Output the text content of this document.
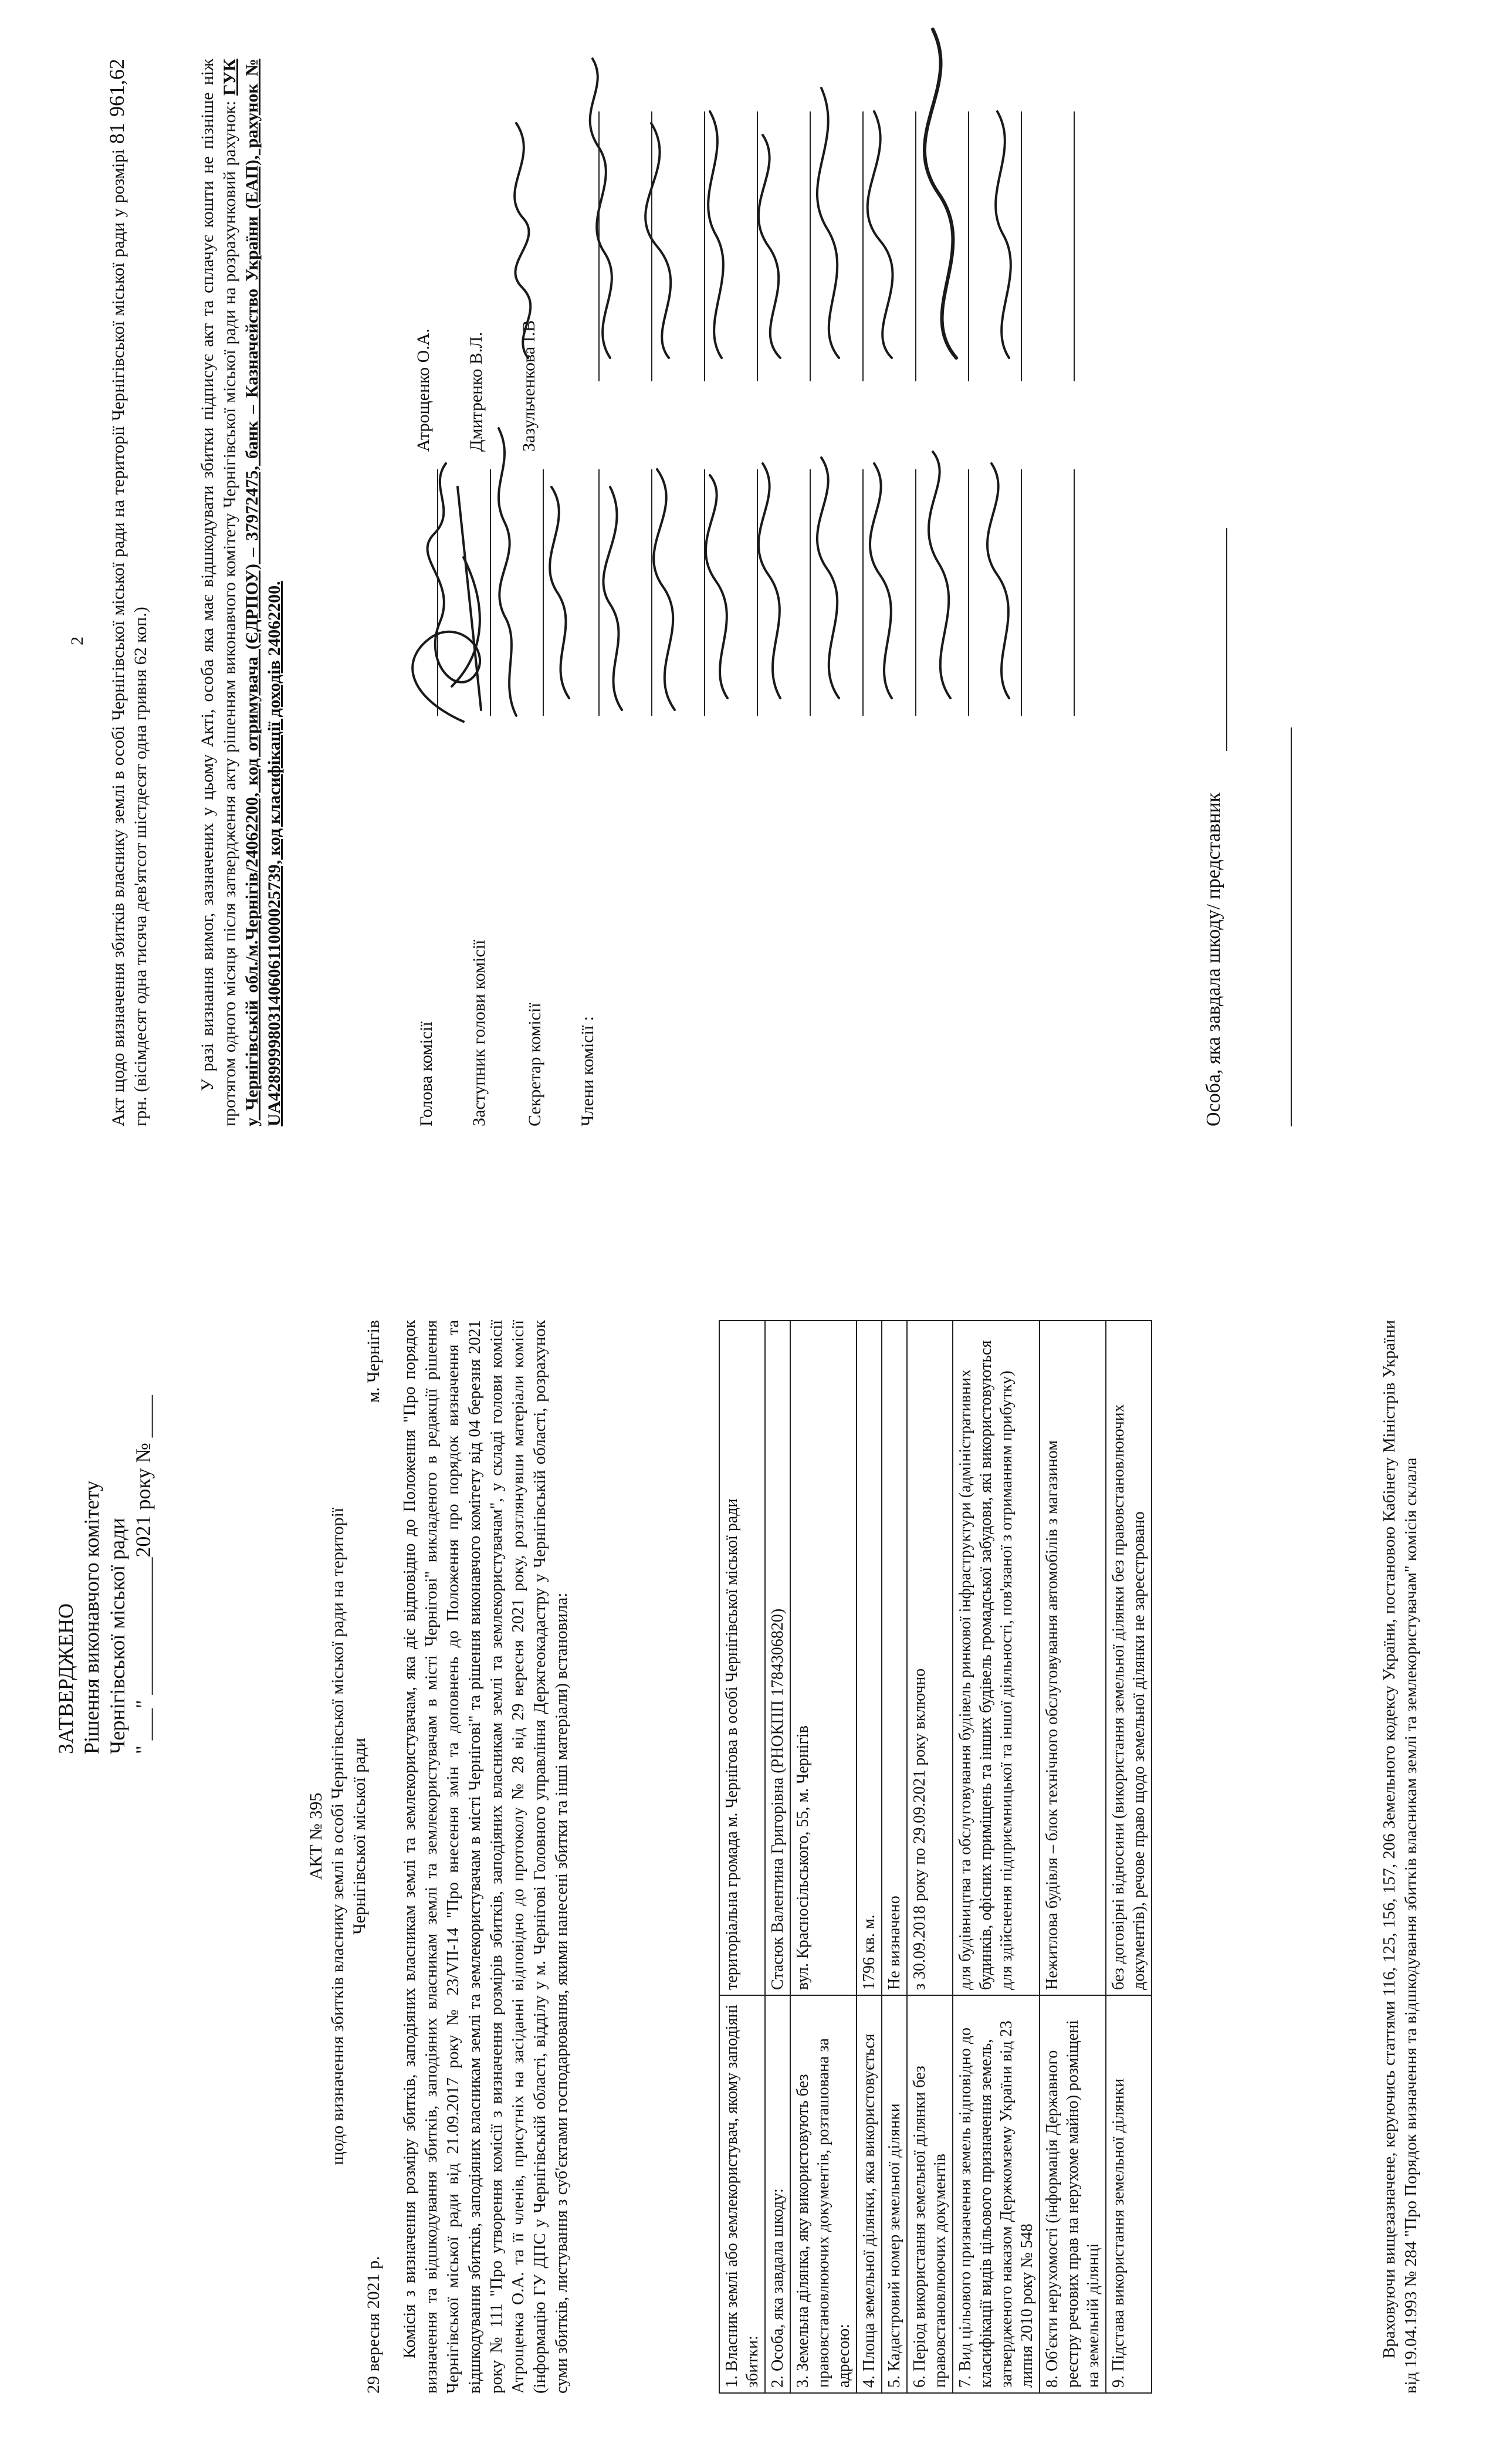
ЗАТВЕРДЖЕНО Рішення виконавчого комітету Чернігівської міської ради " ___" _____________2021 року № ____
АКТ № 395 щодо визначення збитків власнику землі в особі Чернігівської міської ради на території Чернігівської міської ради
29 вересня 2021 р.
м. Чернігів Комісія з визначення розміру збитків, заподіяних власникам землі та землекористувачам, яка діє відповідно до Положення "Про порядок визначення та відшкодування збитків, заподіяних власникам землі та землекористувачам в місті Чернігові" викладеного в редакції рішення Чернігівської міської ради від 21.09.2017 року № 23/VII-14 "Про внесення змін та доповнень до Положення про порядок визначення та відшкодування збитків, заподіяних власникам землі та землекористувачам в місті Чернігові" та рішення виконавчого комітету від 04 березня 2021 року № 111 "Про утворення комісії з визначення розмірів збитків, заподіяних власникам землі та землекористувачам", у складі голови комісії Атрощенка О.А. та її членів, присутніх на засіданні відповідно до протоколу № 28 від 29 вересня 2021 року, розглянувши матеріали комісії (інформацію ГУ ДПС у Чернігівській області, відділу у м. Чернігові Головного управління Держгеокадастру у Чернігівській області, розрахунок суми збитків, листування з суб'єктами господарювання, якими нанесені збитки та інші матеріали) встановила:	1. Власник землі або землекористувач, якому заподіяні збитки:	територіальна громада м. Чернігова в особі Чернігівської міської ради
2. Особа, яка завдала шкоду:	Стасюк Валентина Григорівна (РНОКПП 1784306820)
3. Земельна ділянка, яку використовують без правовстановлюючих документів, розташована за адресою:	вул. Красносільського, 55, м. Чернігів
4. Площа земельної ділянки, яка використовується	1796 кв. м.
5. Кадастровий номер земельної ділянки	Не визначено
6. Період використання земельної ділянки без правовстановлюючих документів	з 30.09.2018 року по 29.09.2021 року включно
7. Вид цільового призначення земель відповідно до класифікації видів цільового призначення земель, затвердженого наказом Держкомзему України від 23 липня 2010 року № 548	для будівництва та обслуговування будівель ринкової інфраструктури (адміністративних будинків, офісних приміщень та інших будівель громадської забудови, які використовуються для здійснення підприємницької та іншої діяльності, пов'язаної з отриманням прибутку)
8. Об'єкти нерухомості (інформація Державного реєстру речових прав на нерухоме майно) розміщені на земельній ділянці	Нежитлова будівля – блок технічного обслуговування автомобілів з магазином
9. Підстава використання земельної ділянки	без договірні відносини (використання земельної ділянки без правовстановлюючих документів), речове право щодо земельної ділянки не зареєстровано	Враховуючи вищезазначене, керуючись статтями 116, 125, 156, 157, 206 Земельного кодексу України, постановою Кабінету Міністрів України від 19.04.1993 № 284 "Про Порядок визначення та відшкодування збитків власникам землі та землекористувачам" комісія склала
2 Акт щодо визначення збитків власнику землі в особі Чернігівської міської ради на території Чернігівської міської ради у розмірі 81 961,62 грн. (вісімдесят одна тисяча дев'ятсот шістдесят одна гривня 62 коп.)	У разі визнання вимог, зазначених у цьому Акті, особа яка має відшкодувати збитки підписує акт та сплачує кошти не пізніше ніж протягом одного місяця після затвердження акту рішенням виконавчого комітету Чернігівської міської ради на розрахунковий рахунок: ГУК у Чернігівській обл./м.Чернігів/24062200, код отримувача (ЄДРПОУ) – 37972475, банк – Казначейство України (ЕАП), рахунок № UA428999980314060611000025739, код класифікації доходів 24062200.	Голова комісії Заступник голови комісії Секретар комісії Члени комісії :
Атрощенко О.А. Дмитренко В.Л. Зазульченкова І.В
Особа, яка завдала шкоду/ представник
